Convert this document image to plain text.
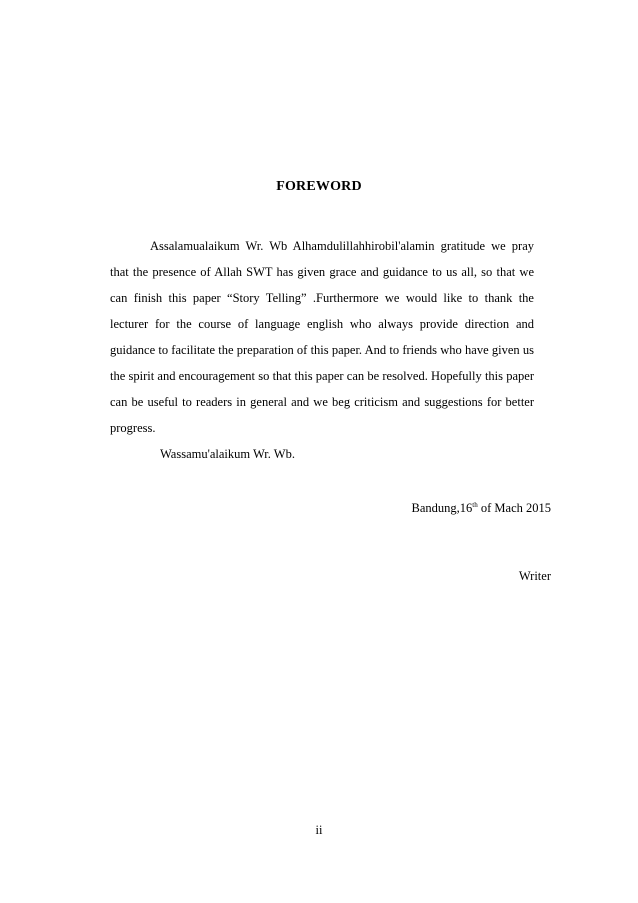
FOREWORD

Assalamualaikum Wr. Wb Alhamdulillahhirobil'alamin gratitude we pray that the presence of Allah SWT has given grace and guidance to us all, so that we can finish this paper “Story Telling” .Furthermore we would like to thank the lecturer for the course of language english who always provide direction and guidance to facilitate the preparation of this paper. And to friends who have given us the spirit and encouragement so that this paper can be resolved. Hopefully this paper can be useful to readers in general and we beg criticism and suggestions for better progress.

Wassamu'alaikum Wr. Wb.

Bandung,16th of Mach 2015
Writer
ii
